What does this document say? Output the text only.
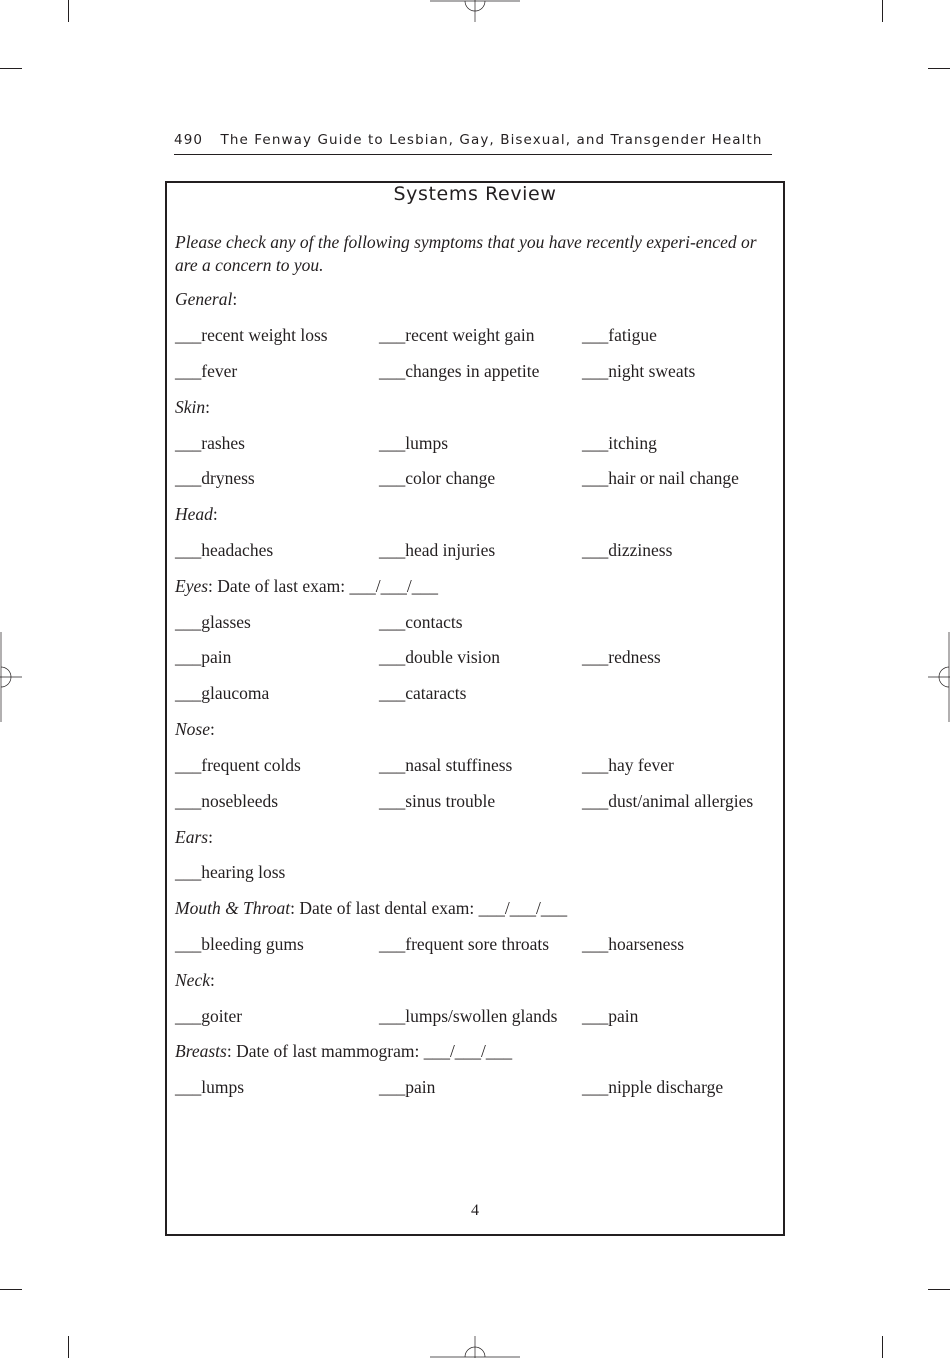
490 The Fenway Guide to Lesbian, Gay, Bisexual, and Transgender Health
Systems Review
Please check any of the following symptoms that you have recently experi-enced or are a concern to you.
General:
___recent weight loss	___recent weight gain	___fatigue
___fever	___changes in appetite ___night sweats
Skin:
___rashes	___lumps	___itching
___dryness	___color change	___hair or nail change
Head:
___headaches	___head injuries	___dizziness
Eyes: Date of last exam: ___/___/___
___glasses	___contacts
___pain	___double vision	___redness
___glaucoma	___cataracts
Nose:
___frequent colds	___nasal stuffiness	___hay fever
___nosebleeds	___sinus trouble	___dust/animal allergies
Ears:
___hearing loss
Mouth & Throat: Date of last dental exam: ___/___/___
___bleeding gums	___frequent sore throats ___hoarseness
Neck:
___goiter	___lumps/swollen glands ___pain
Breasts: Date of last mammogram: ___/___/___
___lumps	___pain	___nipple discharge
4
